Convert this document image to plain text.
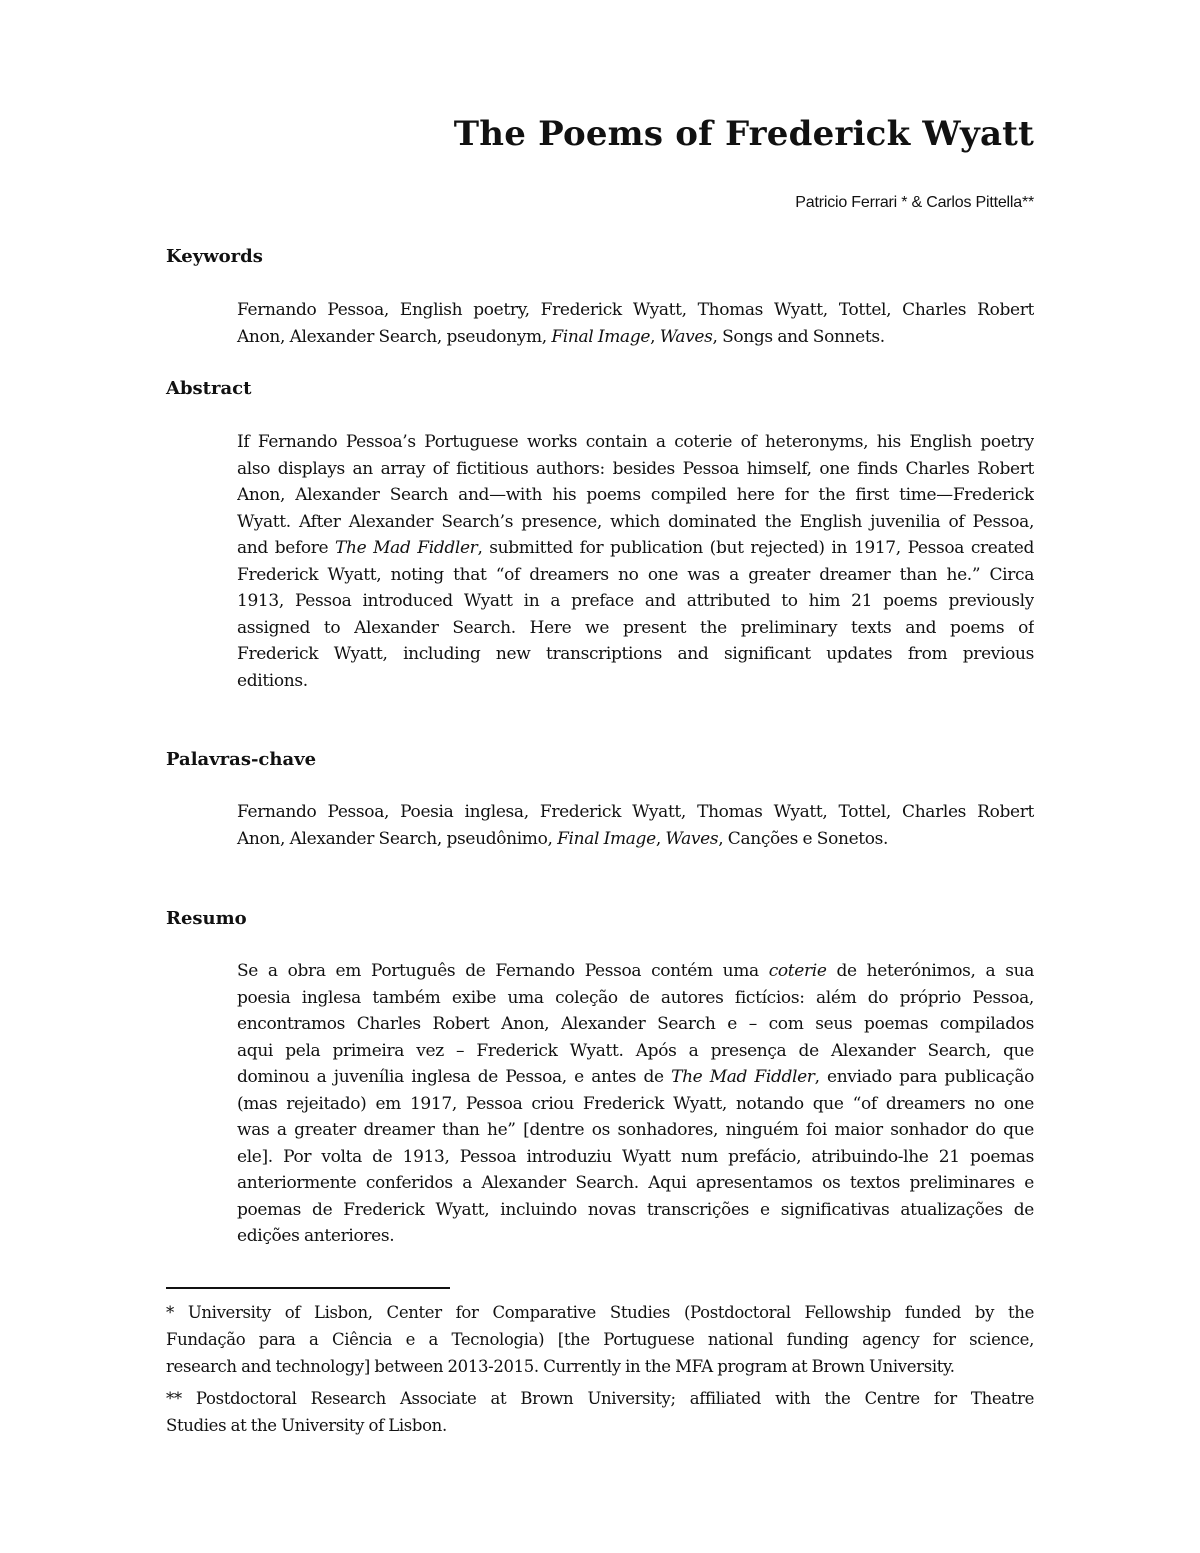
The Poems of Frederick Wyatt
Patricio Ferrari * & Carlos Pittella**
Keywords
Fernando Pessoa, English poetry, Frederick Wyatt, Thomas Wyatt, Tottel, Charles Robert
Anon, Alexander Search, pseudonym, Final Image, Waves, Songs and Sonnets.
Abstract
If Fernando Pessoa’s Portuguese works contain a coterie of heteronyms, his English poetry
also displays an array of fictitious authors: besides Pessoa himself, one finds Charles Robert
Anon, Alexander Search and—with his poems compiled here for the first time—Frederick
Wyatt. After Alexander Search’s presence, which dominated the English juvenilia of Pessoa,
and before The Mad Fiddler, submitted for publication (but rejected) in 1917, Pessoa created
Frederick Wyatt, noting that “of dreamers no one was a greater dreamer than he.” Circa
1913, Pessoa introduced Wyatt in a preface and attributed to him 21 poems previously
assigned to Alexander Search. Here we present the preliminary texts and poems of
Frederick Wyatt, including new transcriptions and significant updates from previous
editions.
Palavras-chave
Fernando Pessoa, Poesia inglesa, Frederick Wyatt, Thomas Wyatt, Tottel, Charles Robert
Anon, Alexander Search, pseudônimo, Final Image, Waves, Canções e Sonetos.
Resumo
Se a obra em Português de Fernando Pessoa contém uma coterie de heterónimos, a sua
poesia inglesa também exibe uma coleção de autores fictícios: além do próprio Pessoa,
encontramos Charles Robert Anon, Alexander Search e – com seus poemas compilados
aqui pela primeira vez – Frederick Wyatt. Após a presença de Alexander Search, que
dominou a juvenília inglesa de Pessoa, e antes de The Mad Fiddler, enviado para publicação
(mas rejeitado) em 1917, Pessoa criou Frederick Wyatt, notando que “of dreamers no one
was a greater dreamer than he” [dentre os sonhadores, ninguém foi maior sonhador do que
ele]. Por volta de 1913, Pessoa introduziu Wyatt num prefácio, atribuindo-lhe 21 poemas
anteriormente conferidos a Alexander Search. Aqui apresentamos os textos preliminares e
poemas de Frederick Wyatt, incluindo novas transcrições e significativas atualizações de
edições anteriores.
* University of Lisbon, Center for Comparative Studies (Postdoctoral Fellowship funded by the
Fundação para a Ciência e a Tecnologia) [the Portuguese national funding agency for science,
research and technology] between 2013-2015. Currently in the MFA program at Brown University.
** Postdoctoral Research Associate at Brown University; affiliated with the Centre for Theatre
Studies at the University of Lisbon.
